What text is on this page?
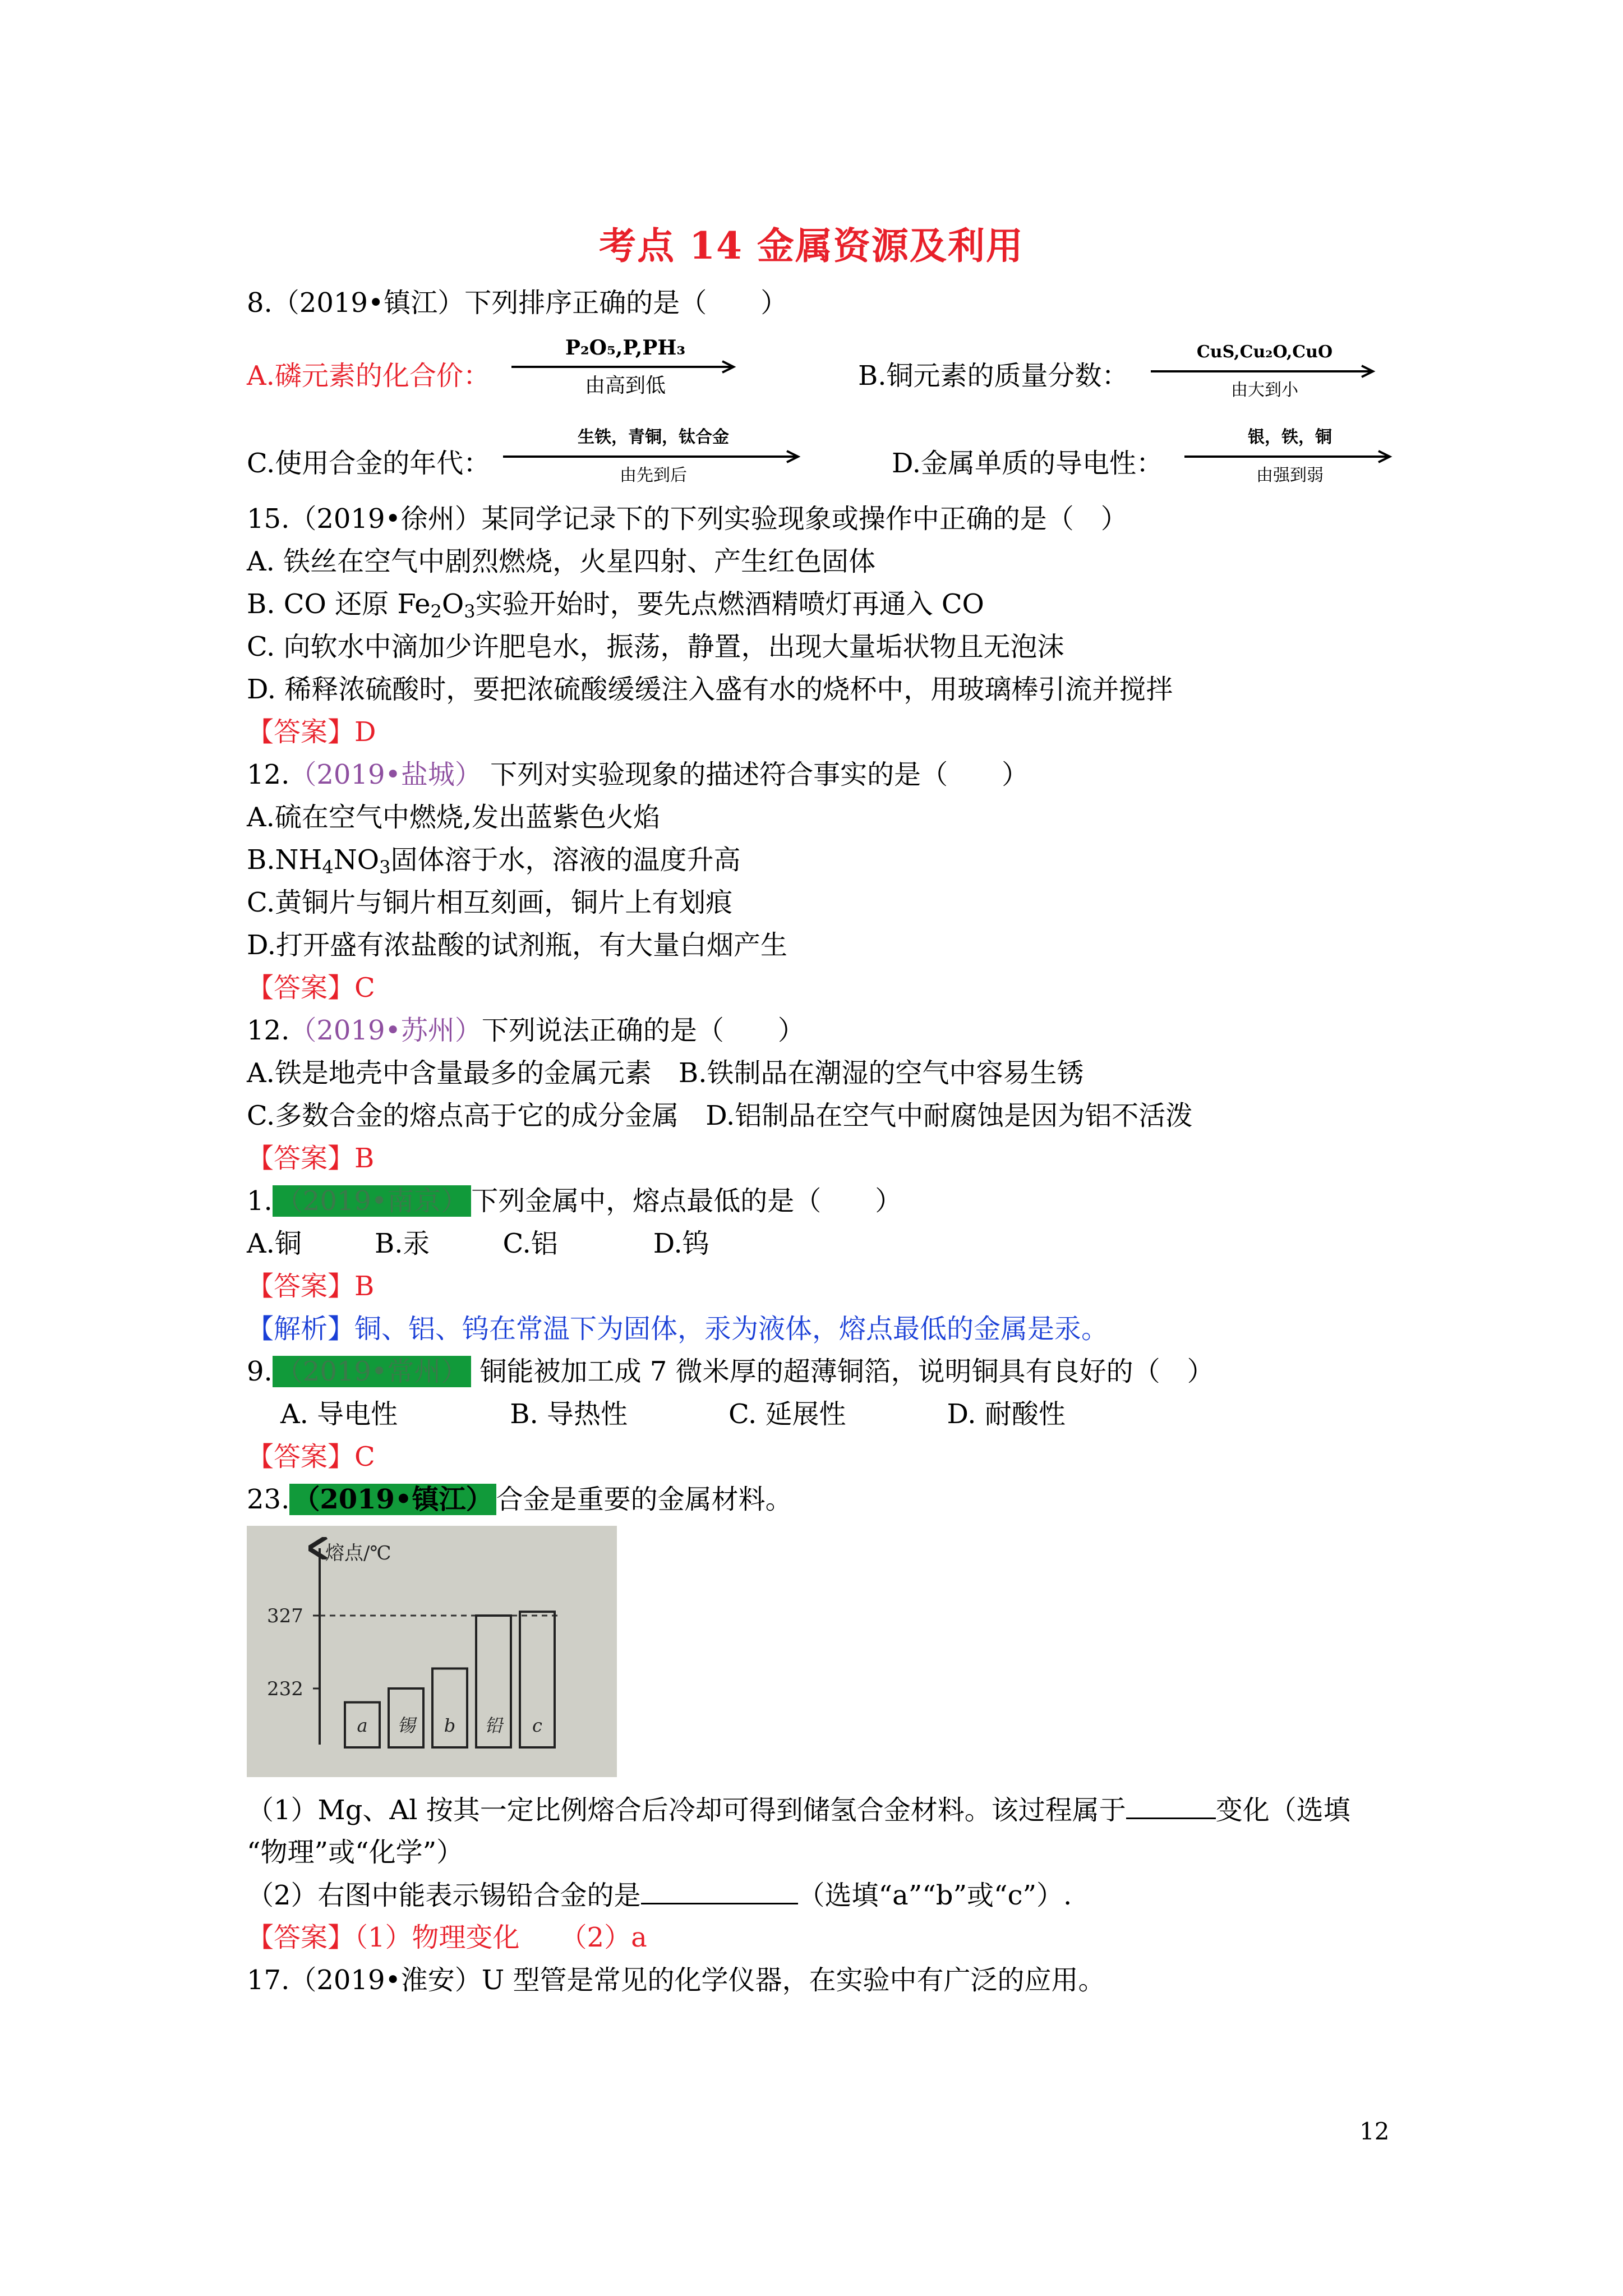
考点 14 金属资源及利用
8.（2019•镇江）下列排序正确的是（　　）
A.磷元素的化合价：
P₂O₅,P,PH₃
由高到低	B.铜元素的质量分数：
CuS,Cu₂O,CuO
由大到小
C.使用合金的年代：
生铁，青铜，钛合金
由先到后	D.金属单质的导电性：
银，铁，铜
由强到弱
15.（2019•徐州）某同学记录下的下列实验现象或操作中正确的是（　）
A. 铁丝在空气中剧烈燃烧，火星四射、产生红色固体
B. CO 还原 $Fe_2O_3$实验开始时，要先点燃酒精喷灯再通入 CO
C. 向软水中滴加少许肥皂水，振荡，静置，出现大量垢状物且无泡沫
D. 稀释浓硫酸时，要把浓硫酸缓缓注入盛有水的烧杯中，用玻璃棒引流并搅拌
【答案】D
12.（2019•盐城） 下列对实验现象的描述符合事实的是（　　）
A.硫在空气中燃烧,发出蓝紫色火焰
$B.NH_4NO_3$固体溶于水，溶液的温度升高
C.黄铜片与铜片相互刻画，铜片上有划痕
D.打开盛有浓盐酸的试剂瓶，有大量白烟产生
【答案】C
12.（2019•苏州）下列说法正确的是（　　）
A.铁是地壳中含量最多的金属元素　B.铁制品在潮湿的空气中容易生锈
C.多数合金的熔点高于它的成分金属　D.铝制品在空气中耐腐蚀是因为铝不活泼
【答案】B
1. （2019•南京） 下列金属中，熔点最低的是（　　）
A.铜	B.汞	C.铝	D.钨
【答案】B
【解析】铜、铝、钨在常温下为固体，汞为液体，熔点最低的金属是汞。
9. （2019•常州） 铜能被加工成 7 微米厚的超薄铜箔，说明铜具有良好的（　）
A. 导电性	B. 导热性	C. 延展性	D. 耐酸性
【答案】C
23. （2019•镇江） 合金是重要的金属材料。
熔点/℃
232
327
a 锡 b 铅 c
（1）Mg、Al 按其一定比例熔合后冷却可得到储氢合金材料。该过程属于	变化（选填
“物理”或“化学”）
（2）右图中能表示锡铅合金的是	（选填“a”“b”或“c”）.
【答案】（1）物理变化　　（2）a
17.（2019•淮安）U 型管是常见的化学仪器，在实验中有广泛的应用。
12
